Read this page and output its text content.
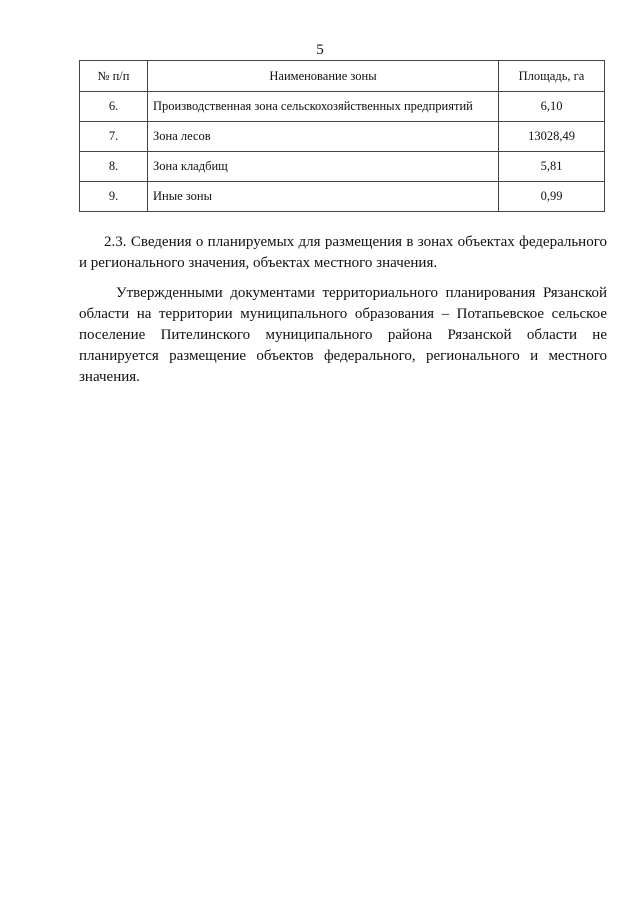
5
№ п/п	Наименование зоны	Площадь, га
6.	Производственная зона сельскохозяйственных предприятий	6,10
7.	Зона лесов	13028,49
8.	Зона кладбищ	5,81
9.	Иные зоны	0,99

2.3. Сведения о планируемых для размещения в зонах объектах федерального и регионального значения, объектах местного значения.

Утвержденными документами территориального планирования Рязанской области на территории муниципального образования – Потапьевское сельское поселение Пителинского муниципального района Рязанской области не планируется размещение объектов федерального, регионального и местного значения.
